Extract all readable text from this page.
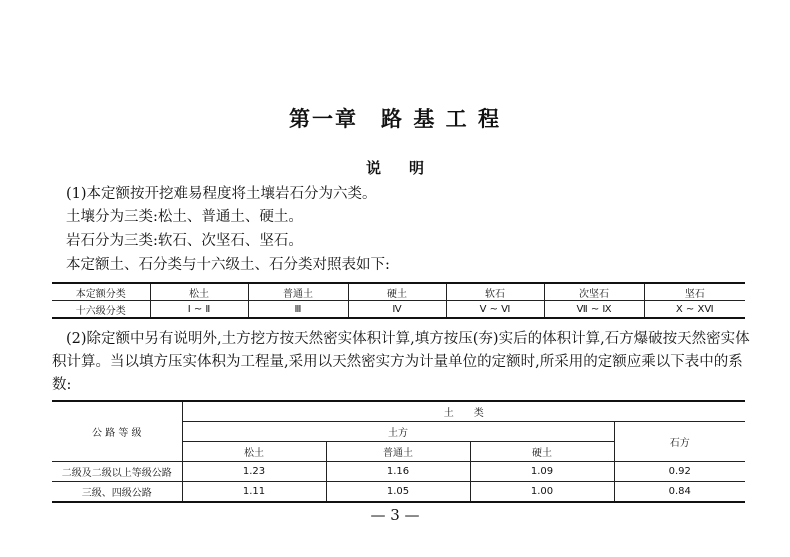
第一章　路 基 工 程
说明
(1)本定额按开挖难易程度将土壤岩石分为六类。
土壤分为三类:松土、普通土、硬土。
岩石分为三类:软石、次坚石、坚石。
本定额土、石分类与十六级土、石分类对照表如下:
本定额分类	松土	普通土	硬土	软石	次坚石	坚石
十六级分类	Ⅰ ~ Ⅱ	Ⅲ	Ⅳ	Ⅴ ~ Ⅵ	Ⅶ ~ Ⅸ	Ⅹ ~ ⅩⅥ
(2)除定额中另有说明外,土方挖方按天然密实体积计算,填方按压(夯)实后的体积计算,石方爆破按天然密实体积计算。当以填方压实体积为工程量,采用以天然密实方为计量单位的定额时,所采用的定额应乘以下表中的系数:
公 路 等 级	土　　类			
	土方			石方
	松土	普通土	硬土	
二级及二级以上等级公路	1.23	1.16	1.09	0.92
三级、四级公路	1.11	1.05	1.00	0.84
— 3 —
